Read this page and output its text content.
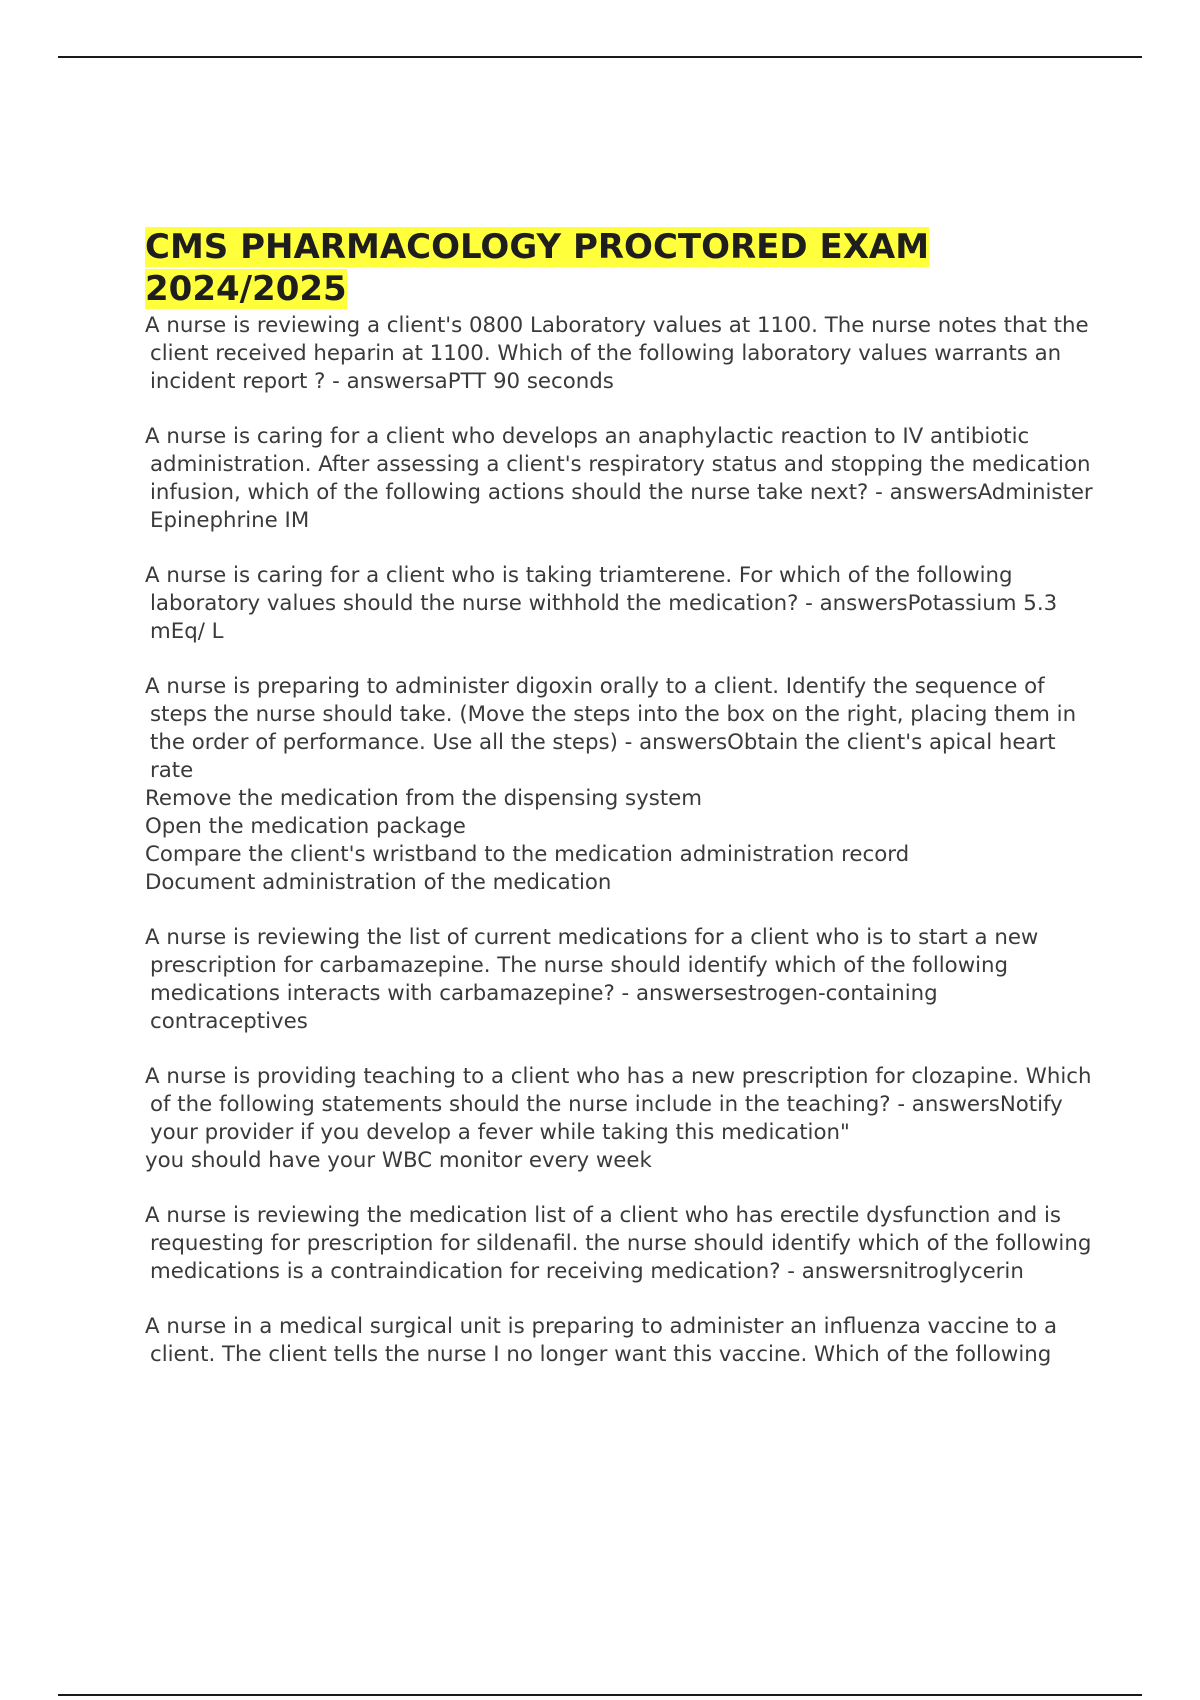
CMS PHARMACOLOGY PROCTORED EXAM
2024/2025

A nurse is reviewing a client's 0800 Laboratory values at 1100. The nurse notes that the client received heparin at 1100. Which of the following laboratory values warrants an incident report ? - answersaPTT 90 seconds

A nurse is caring for a client who develops an anaphylactic reaction to IV antibiotic administration. After assessing a client's respiratory status and stopping the medication infusion, which of the following actions should the nurse take next? - answersAdminister Epinephrine IM

A nurse is caring for a client who is taking triamterene. For which of the following laboratory values should the nurse withhold the medication? - answersPotassium 5.3 mEq/ L

A nurse is preparing to administer digoxin orally to a client. Identify the sequence of steps the nurse should take. (Move the steps into the box on the right, placing them in the order of performance. Use all the steps) - answersObtain the client's apical heart rate

Remove the medication from the dispensing system

Open the medication package

Compare the client's wristband to the medication administration record

Document administration of the medication

A nurse is reviewing the list of current medications for a client who is to start a new prescription for carbamazepine. The nurse should identify which of the following medications interacts with carbamazepine? - answersestrogen-containing contraceptives

A nurse is providing teaching to a client who has a new prescription for clozapine. Which of the following statements should the nurse include in the teaching? - answersNotify your provider if you develop a fever while taking this medication"

you should have your WBC monitor every week

A nurse is reviewing the medication list of a client who has erectile dysfunction and is requesting for prescription for sildenafil. the nurse should identify which of the following medications is a contraindication for receiving medication? - answersnitroglycerin

A nurse in a medical surgical unit is preparing to administer an influenza vaccine to a client. The client tells the nurse I no longer want this vaccine. Which of the following
